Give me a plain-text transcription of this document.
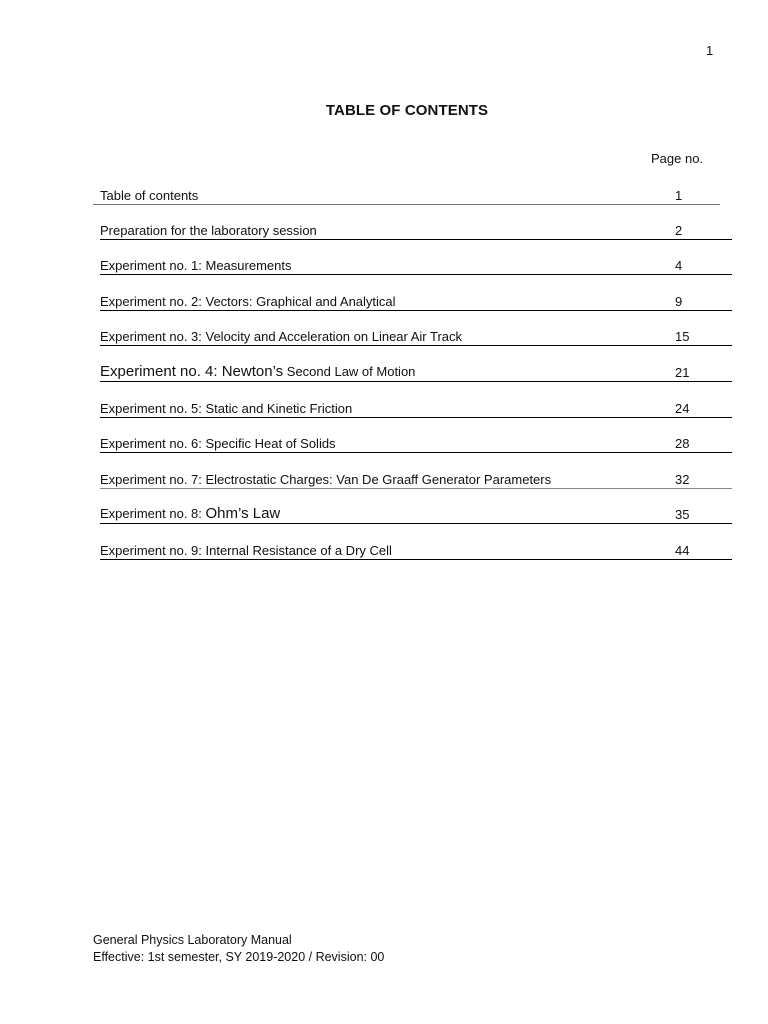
1
TABLE OF CONTENTS
Page no.
Table of contents	1
Preparation for the laboratory session	2
Experiment no. 1: Measurements	4
Experiment no. 2: Vectors: Graphical and Analytical	9
Experiment no. 3: Velocity and Acceleration on Linear Air Track	15
Experiment no. 4: Newton’s Second Law of Motion	21
Experiment no. 5: Static and Kinetic Friction	24
Experiment no. 6: Specific Heat of Solids	28
Experiment no. 7: Electrostatic Charges: Van De Graaff Generator Parameters	32
Experiment no. 8: Ohm’s Law	35
Experiment no. 9: Internal Resistance of a Dry Cell	44
General Physics Laboratory Manual
Effective: 1st semester, SY 2019-2020 / Revision: 00
